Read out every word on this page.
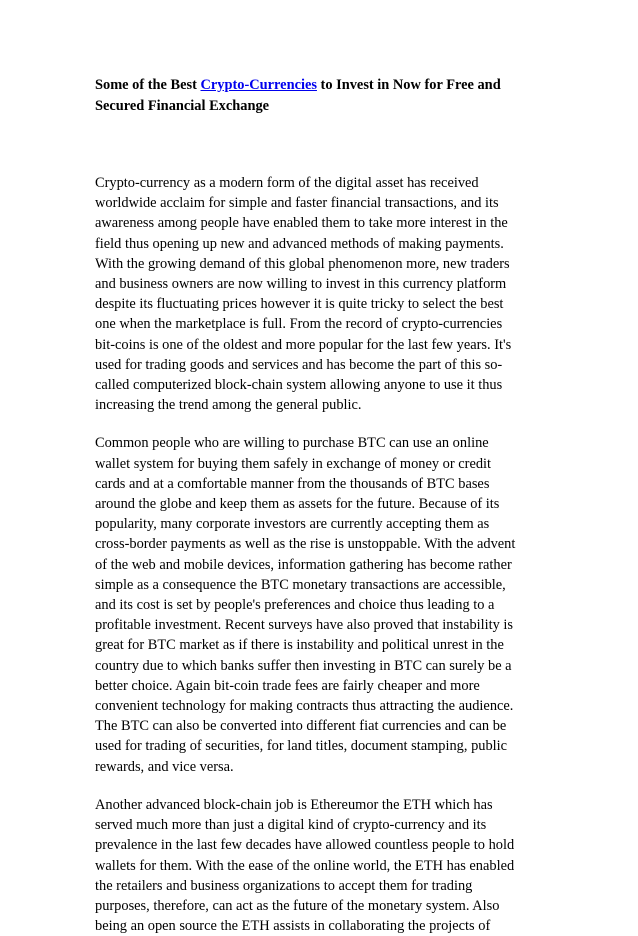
Some of the Best Crypto-Currencies to Invest in Now for Free and Secured Financial Exchange

Crypto-currency as a modern form of the digital asset has received worldwide acclaim for simple and faster financial transactions, and its awareness among people have enabled them to take more interest in the field thus opening up new and advanced methods of making payments. With the growing demand of this global phenomenon more, new traders and business owners are now willing to invest in this currency platform despite its fluctuating prices however it is quite tricky to select the best one when the marketplace is full. From the record of crypto-currencies bit-coins is one of the oldest and more popular for the last few years. It's used for trading goods and services and has become the part of this so-called computerized block-chain system allowing anyone to use it thus increasing the trend among the general public.

Common people who are willing to purchase BTC can use an online wallet system for buying them safely in exchange of money or credit cards and at a comfortable manner from the thousands of BTC bases around the globe and keep them as assets for the future. Because of its popularity, many corporate investors are currently accepting them as cross-border payments as well as the rise is unstoppable. With the advent of the web and mobile devices, information gathering has become rather simple as a consequence the BTC monetary transactions are accessible, and its cost is set by people's preferences and choice thus leading to a profitable investment. Recent surveys have also proved that instability is great for BTC market as if there is instability and political unrest in the country due to which banks suffer then investing in BTC can surely be a better choice. Again bit-coin trade fees are fairly cheaper and more convenient technology for making contracts thus attracting the audience. The BTC can also be converted into different fiat currencies and can be used for trading of securities, for land titles, document stamping, public rewards, and vice versa.

Another advanced block-chain job is Ethereumor the ETH which has served much more than just a digital kind of crypto-currency and its prevalence in the last few decades have allowed countless people to hold wallets for them. With the ease of the online world, the ETH has enabled the retailers and business organizations to accept them for trading purposes, therefore, can act as the future of the monetary system. Also being an open source the ETH assists in collaborating the projects of
